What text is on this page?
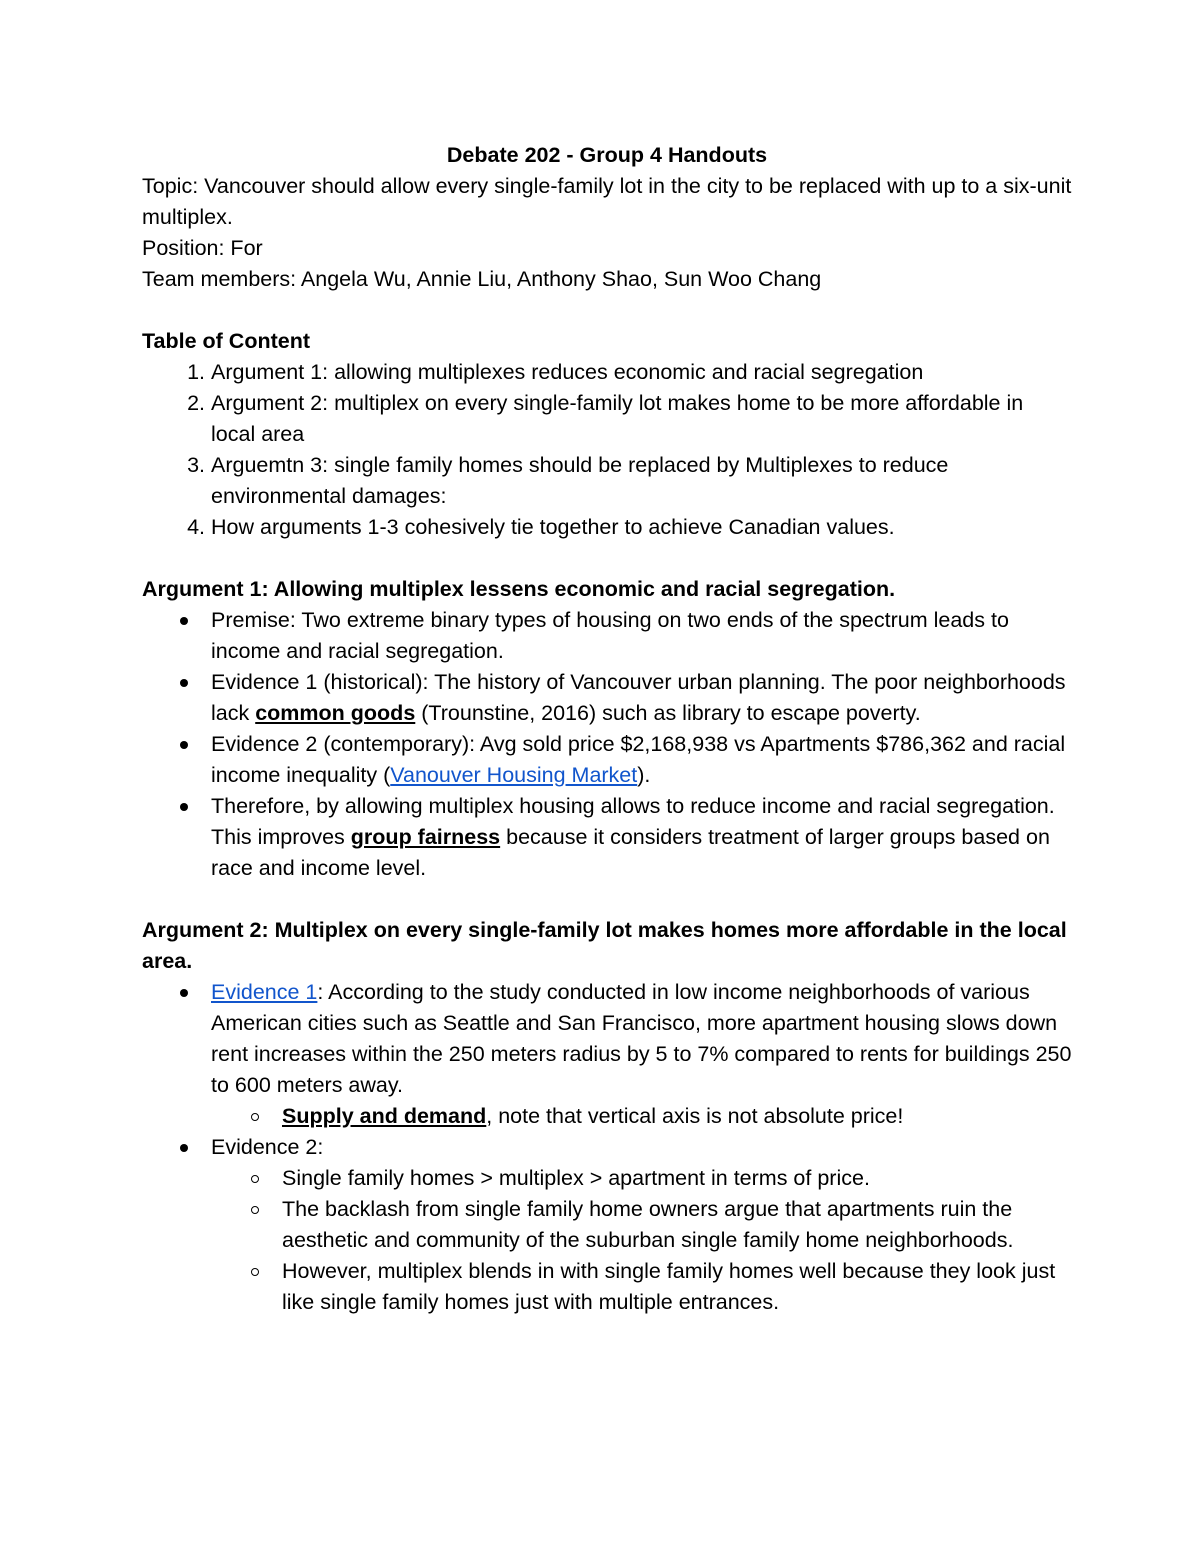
Debate 202 - Group 4 Handouts

Topic: Vancouver should allow every single-family lot in the city to be replaced with up to a six-unit multiplex.

Position: For

Team members: Angela Wu, Annie Liu, Anthony Shao, Sun Woo Chang

Table of Content

1. Argument 1: allowing multiplexes reduces economic and racial segregation
2. Argument 2: multiplex on every single-family lot makes home to be more affordable in local area
3. Arguemtn 3: single family homes should be replaced by Multiplexes to reduce environmental damages:
4. How arguments 1-3 cohesively tie together to achieve Canadian values.

Argument 1: Allowing multiplex lessens economic and racial segregation.

Premise: Two extreme binary types of housing on two ends of the spectrum leads to income and racial segregation.
Evidence 1 (historical): The history of Vancouver urban planning. The poor neighborhoods lack common goods (Trounstine, 2016) such as library to escape poverty.
Evidence 2 (contemporary): Avg sold price $2,168,938 vs Apartments $786,362 and racial income inequality (Vanouver Housing Market).
Therefore, by allowing multiplex housing allows to reduce income and racial segregation. This improves group fairness because it considers treatment of larger groups based on race and income level.

Argument 2: Multiplex on every single-family lot makes homes more affordable in the local area.

Evidence 1: According to the study conducted in low income neighborhoods of various American cities such as Seattle and San Francisco, more apartment housing slows down rent increases within the 250 meters radius by 5 to 7% compared to rents for buildings 250 to 600 meters away.
Supply and demand, note that vertical axis is not absolute price!
Evidence 2:
Single family homes > multiplex > apartment in terms of price.
The backlash from single family home owners argue that apartments ruin the aesthetic and community of the suburban single family home neighborhoods.
However, multiplex blends in with single family homes well because they look just like single family homes just with multiple entrances.
